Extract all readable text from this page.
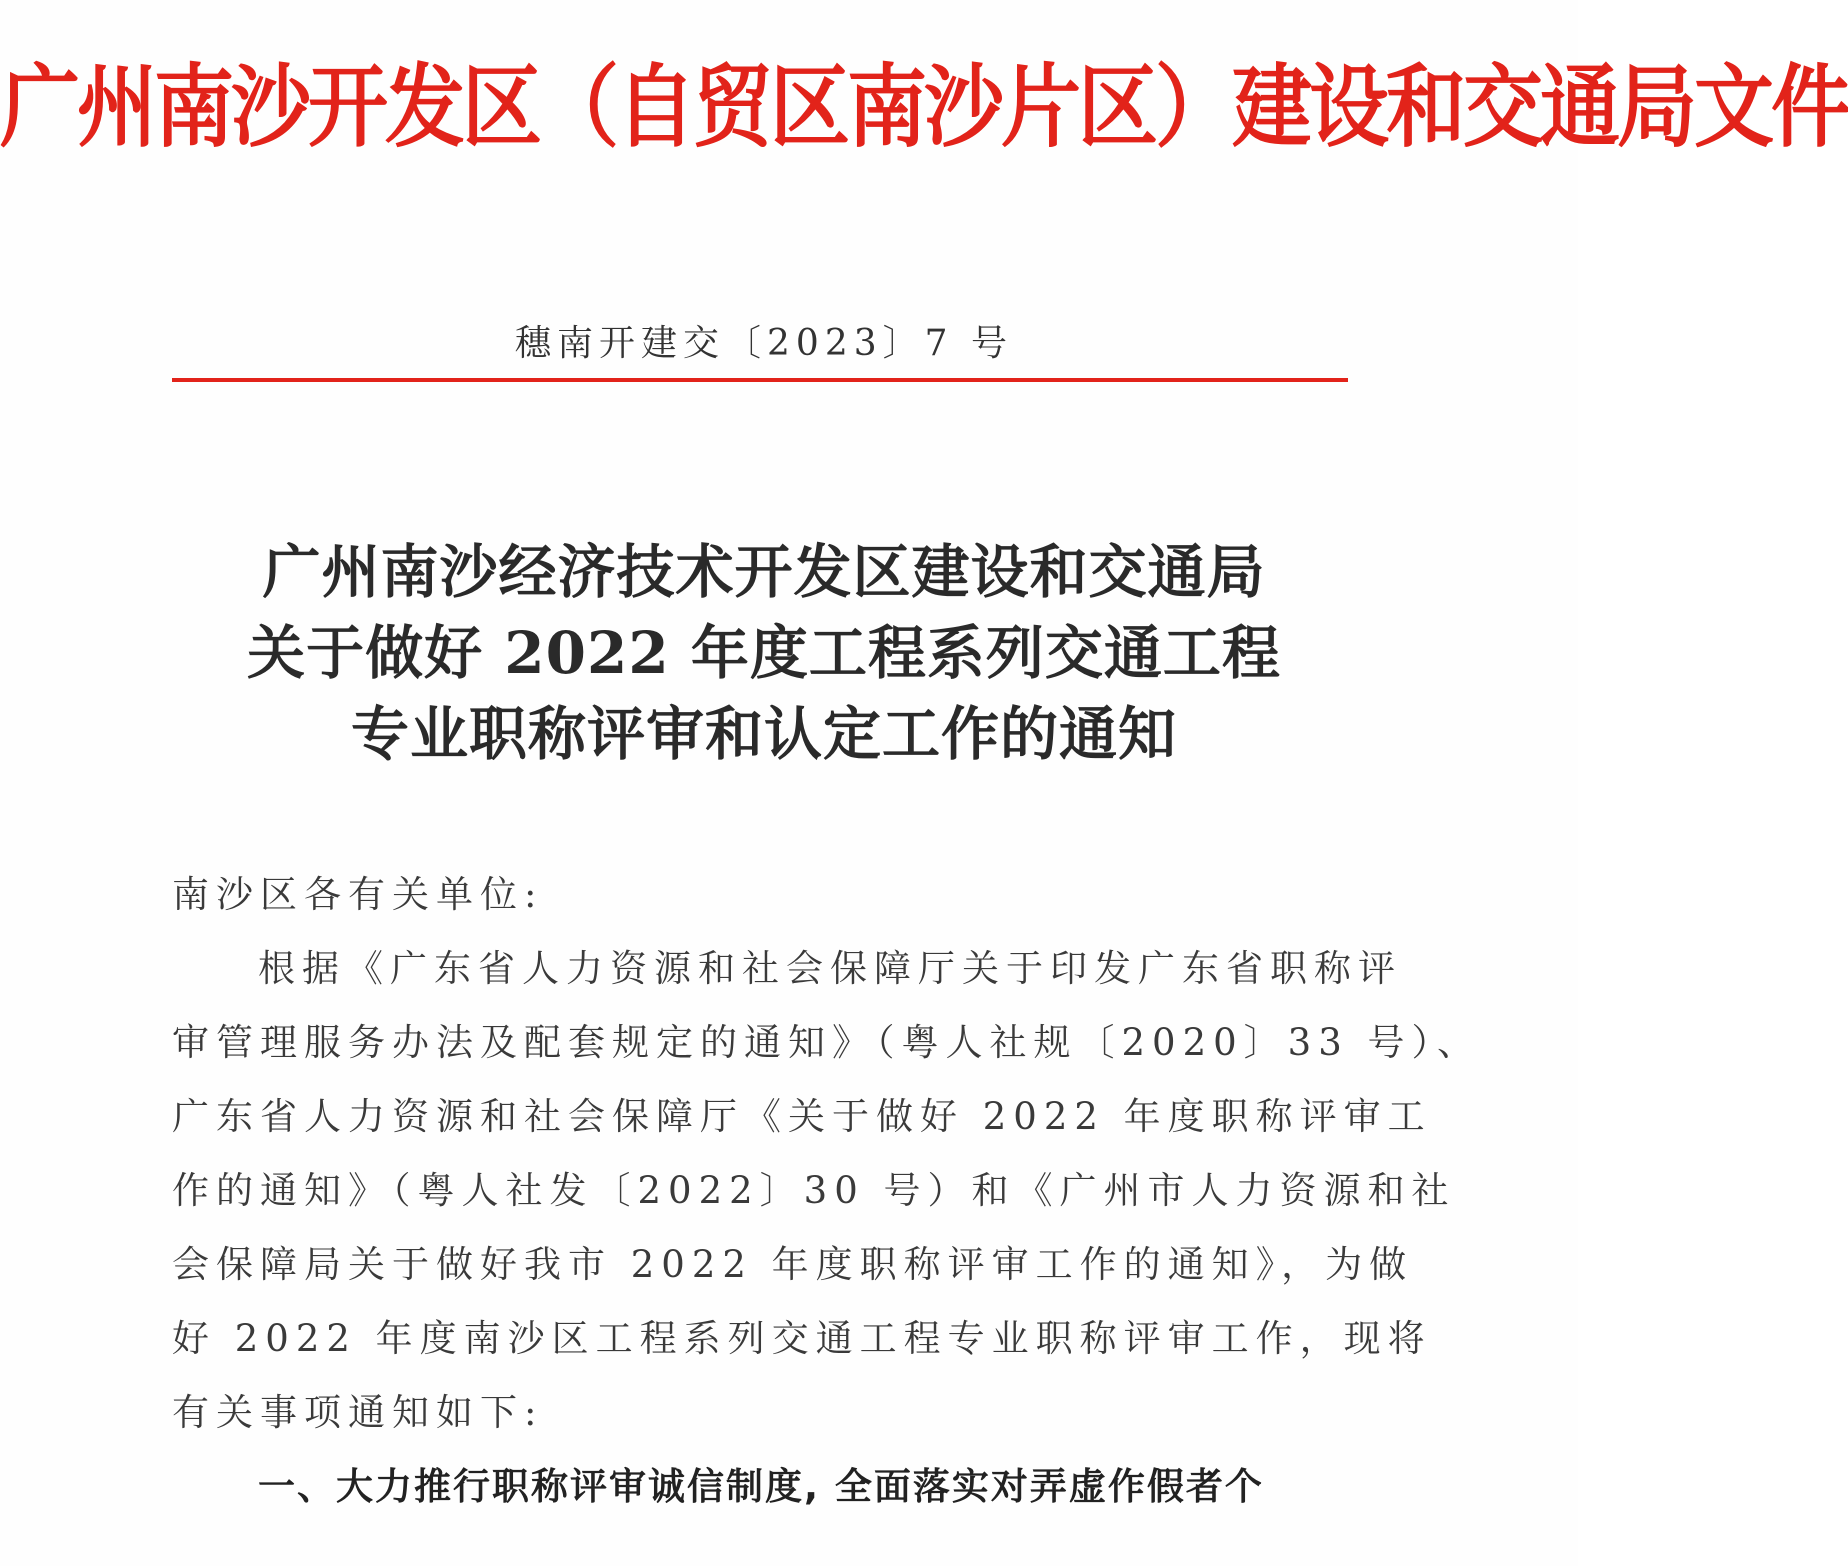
广州南沙开发区（自贸区南沙片区）建设和交通局文件
穗南开建交〔2023〕7 号
广州南沙经济技术开发区建设和交通局
关于做好 2022 年度工程系列交通工程
专业职称评审和认定工作的通知
南沙区各有关单位:
根据《广东省人力资源和社会保障厅关于印发广东省职称评
审管理服务办法及配套规定的通知》（粤人社规〔2020〕33 号）、
广东省人力资源和社会保障厅《关于做好 2022 年度职称评审工
作的通知》（粤人社发〔2022〕30 号）和《广州市人力资源和社
会保障局关于做好我市 2022 年度职称评审工作的通知》，为做
好 2022 年度南沙区工程系列交通工程专业职称评审工作，现将
有关事项通知如下:
一、大力推行职称评审诚信制度, 全面落实对弄虚作假者个
